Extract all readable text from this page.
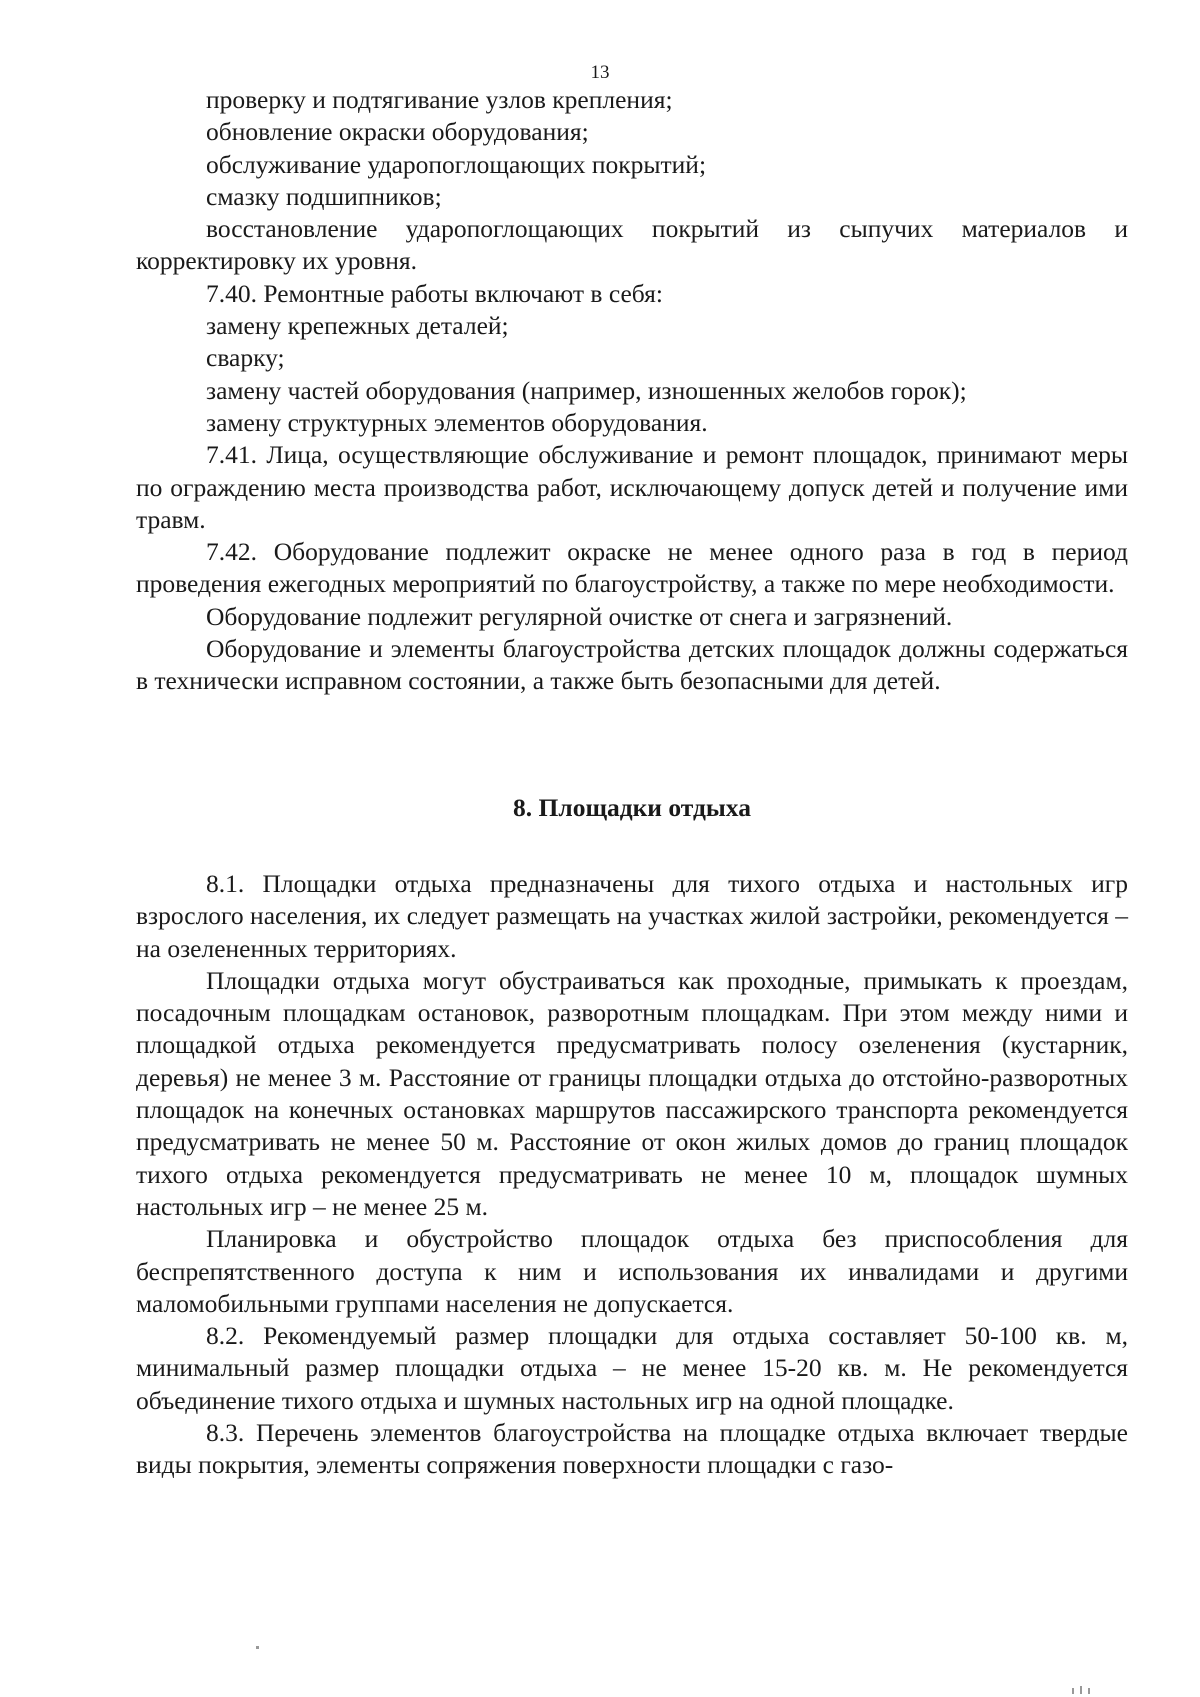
13

проверку и подтягивание узлов крепления;

обновление окраски оборудования;

обслуживание ударопоглощающих покрытий;

смазку подшипников;

восстановление ударопоглощающих покрытий из сыпучих материалов и корректировку их уровня.

7.40. Ремонтные работы включают в себя:

замену крепежных деталей;

сварку;

замену частей оборудования (например, изношенных желобов горок);

замену структурных элементов оборудования.

7.41. Лица, осуществляющие обслуживание и ремонт площадок, принимают меры по ограждению места производства работ, исключающему допуск детей и получение ими травм.

7.42. Оборудование подлежит окраске не менее одного раза в год в период проведения ежегодных мероприятий по благоустройству, а также по мере необходимости.

Оборудование подлежит регулярной очистке от снега и загрязнений.

Оборудование и элементы благоустройства детских площадок должны содержаться в технически исправном состоянии, а также быть безопасными для детей.

8. Площадки отдыха

8.1. Площадки отдыха предназначены для тихого отдыха и настольных игр взрослого населения, их следует размещать на участках жилой застройки, рекомендуется – на озелененных территориях.

Площадки отдыха могут обустраиваться как проходные, примыкать к проездам, посадочным площадкам остановок, разворотным площадкам. При этом между ними и площадкой отдыха рекомендуется предусматривать полосу озеленения (кустарник, деревья) не менее 3 м. Расстояние от границы площадки отдыха до отстойно-разворотных площадок на конечных остановках маршрутов пассажирского транспорта рекомендуется предусматривать не менее 50 м. Расстояние от окон жилых домов до границ площадок тихого отдыха рекомендуется предусматривать не менее 10 м, площадок шумных настольных игр – не менее 25 м.

Планировка и обустройство площадок отдыха без приспособления для беспрепятственного доступа к ним и использования их инвалидами и другими маломобильными группами населения не допускается.

8.2. Рекомендуемый размер площадки для отдыха составляет 50-100 кв. м, минимальный размер площадки отдыха – не менее 15-20 кв. м. Не рекомендуется объединение тихого отдыха и шумных настольных игр на одной площадке.

8.3. Перечень элементов благоустройства на площадке отдыха включает твердые виды покрытия, элементы сопряжения поверхности площадки с газо-
